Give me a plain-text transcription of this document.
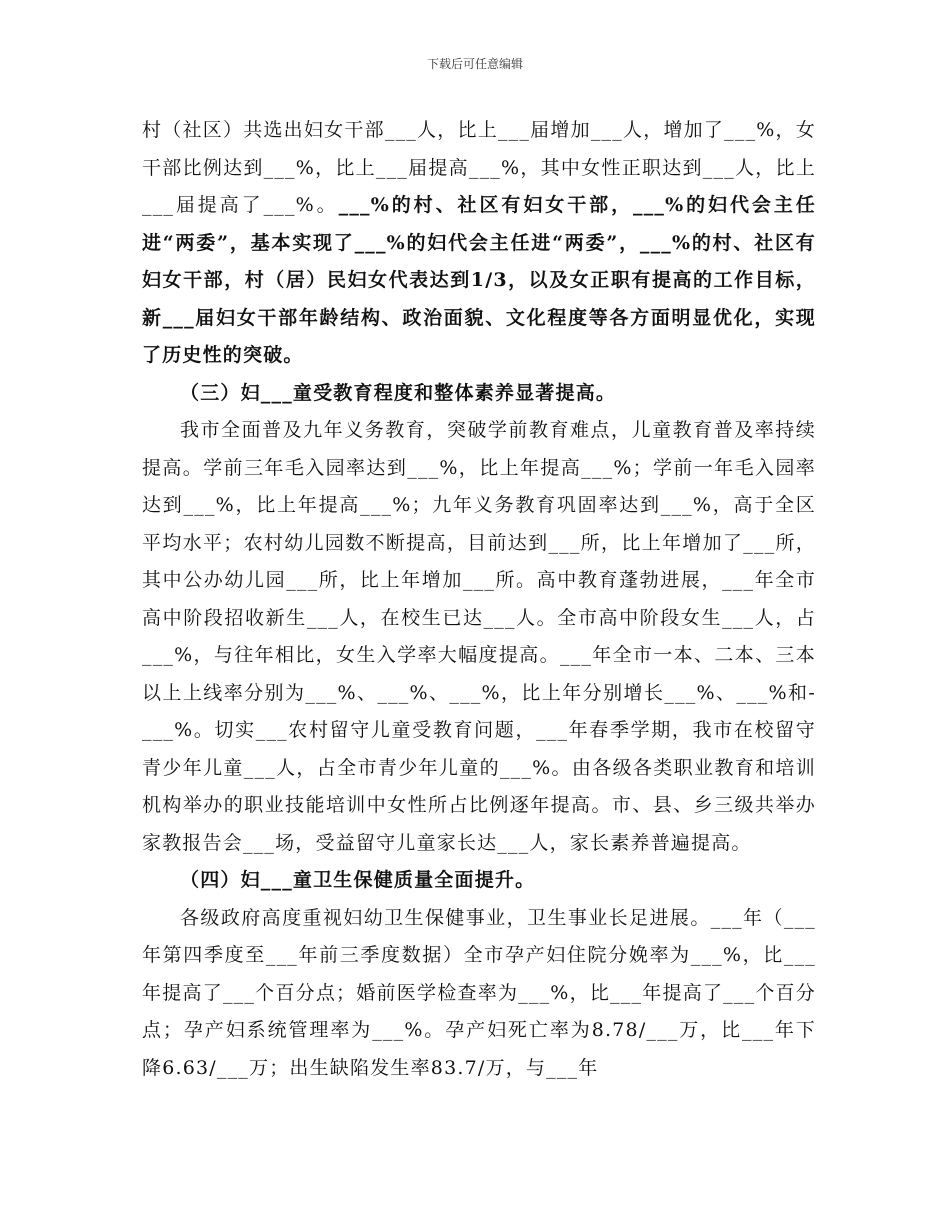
下载后可任意编辑

村（社区）共选出妇女干部___人，比上___届增加___人，增加了___%，女干部比例达到___%，比上___届提高___%，其中女性正职达到___人，比上___届提高了___%。___%的村、社区有妇女干部，___%的妇代会主任进“两委”，基本实现了___%的妇代会主任进“两委”，___%的村、社区有妇女干部，村（居）民妇女代表达到1/3，以及女正职有提高的工作目标，新___届妇女干部年龄结构、政治面貌、文化程度等各方面明显优化，实现了历史性的突破。

（三）妇___童受教育程度和整体素养显著提高。

我市全面普及九年义务教育，突破学前教育难点，儿童教育普及率持续提高。学前三年毛入园率达到___%，比上年提高___%；学前一年毛入园率达到___%，比上年提高___%；九年义务教育巩固率达到___%，高于全区平均水平；农村幼儿园数不断提高，目前达到___所，比上年增加了___所，其中公办幼儿园___所，比上年增加___所。高中教育蓬勃进展，___年全市高中阶段招收新生___人，在校生已达___人。全市高中阶段女生___人，占___%，与往年相比，女生入学率大幅度提高。___年全市一本、二本、三本以上上线率分别为___%、___%、___%，比上年分别增长___%、___%和-___%。切实___农村留守儿童受教育问题，___年春季学期，我市在校留守青少年儿童___人，占全市青少年儿童的___%。由各级各类职业教育和培训机构举办的职业技能培训中女性所占比例逐年提高。市、县、乡三级共举办家教报告会___场，受益留守儿童家长达___人，家长素养普遍提高。

（四）妇___童卫生保健质量全面提升。

各级政府高度重视妇幼卫生保健事业，卫生事业长足进展。___年（___年第四季度至___年前三季度数据）全市孕产妇住院分娩率为___%，比___年提高了___个百分点；婚前医学检查率为___%，比___年提高了___个百分点；孕产妇系统管理率为___%。孕产妇死亡率为8.78/___万，比___年下降6.63/___万；出生缺陷发生率83.7/万，与___年
